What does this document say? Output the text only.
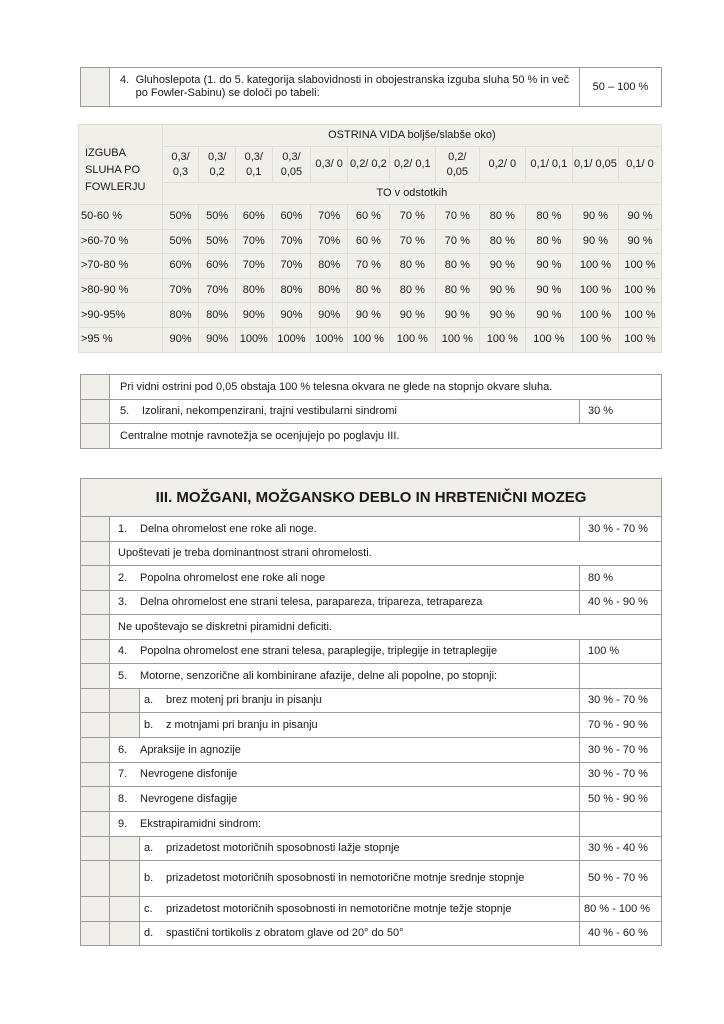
4. Gluhoslepota (1. do 5. kategorija slabovidnosti in obojestranska izguba sluha 50 % in več po Fowler-Sabinu) se določi po tabeli:
	50 – 100 %
IZGUBA SLUHA PO FOWLERJU	OSTRINA VIDA boljše/slabše oko)											
	0,3/ 0,3	0,3/ 0,2	0,3/ 0,1	0,3/ 0,05	0,3/ 0	0,2/ 0,2	0,2/ 0,1	0,2/ 0,05	0,2/ 0	0,1/ 0,1	0,1/ 0,05	0,1/ 0
	TO v odstotkih											
50-60 %	50%	50%	60%	60%	70%	60 %	70 %	70 %	80 %	80 %	90 %	90 %
>60-70 %	50%	50%	70%	70%	70%	60 %	70 %	70 %	80 %	80 %	90 %	90 %
>70-80 %	60%	60%	70%	70%	80%	70 %	80 %	80 %	90 %	90 %	100 %	100 %
>80-90 %	70%	70%	80%	80%	80%	80 %	80 %	80 %	90 %	90 %	100 %	100 %
>90-95%	80%	80%	90%	90%	90%	90 %	90 %	90 %	90 %	90 %	100 %	100 %
>95 %	90%	90%	100%	100%	100%	100 %	100 %	100 %	100 %	100 %	100 %	100 %
	Pri vidni ostrini pod 0,05 obstaja 100 % telesna okvara ne glede na stopnjo okvare sluha.	
	5. Izolirani, nekompenzirani, trajni vestibularni sindromi	30 %
	Centralne motnje ravnotežja se ocenjujejo po poglavju III.	
III. MOŽGANI, MOŽGANSKO DEBLO IN HRBTENIČNI MOZEG			
	1. Delna ohromelost ene roke ali noge.		30 % - 70 %
	Upoštevati je treba dominantnost strani ohromelosti.		
	2. Popolna ohromelost ene roke ali noge		80 %
	3. Delna ohromelost ene strani telesa, parapareza, tripareza, tetrapareza		40 % - 90 %
	Ne upoštevajo se diskretni piramidni deficiti.		
	4. Popolna ohromelost ene strani telesa, paraplegije, triplegije in tetraplegije		100 %
	5. Motorne, senzorične ali kombinirane afazije, delne ali popolne, po stopnji:		
		a. brez motenj pri branju in pisanju	30 % - 70 %
		b. z motnjami pri branju in pisanju	70 % - 90 %
	6. Apraksije in agnozije		30 % - 70 %
	7. Nevrogene disfonije		30 % - 70 %
	8. Nevrogene disfagije		50 % - 90 %
	9. Ekstrapiramidni sindrom:		
		a. prizadetost motoričnih sposobnosti lažje stopnje	30 % - 40 %

		b. prizadetost motoričnih sposobnosti in nemotorične motnje srednje stopnje	50 % - 70 %
		c. prizadetost motoričnih sposobnosti in nemotorične motnje težje stopnje	80 % - 100 %
		d. spastični tortikolis z obratom glave od 20° do 50°	40 % - 60 %
